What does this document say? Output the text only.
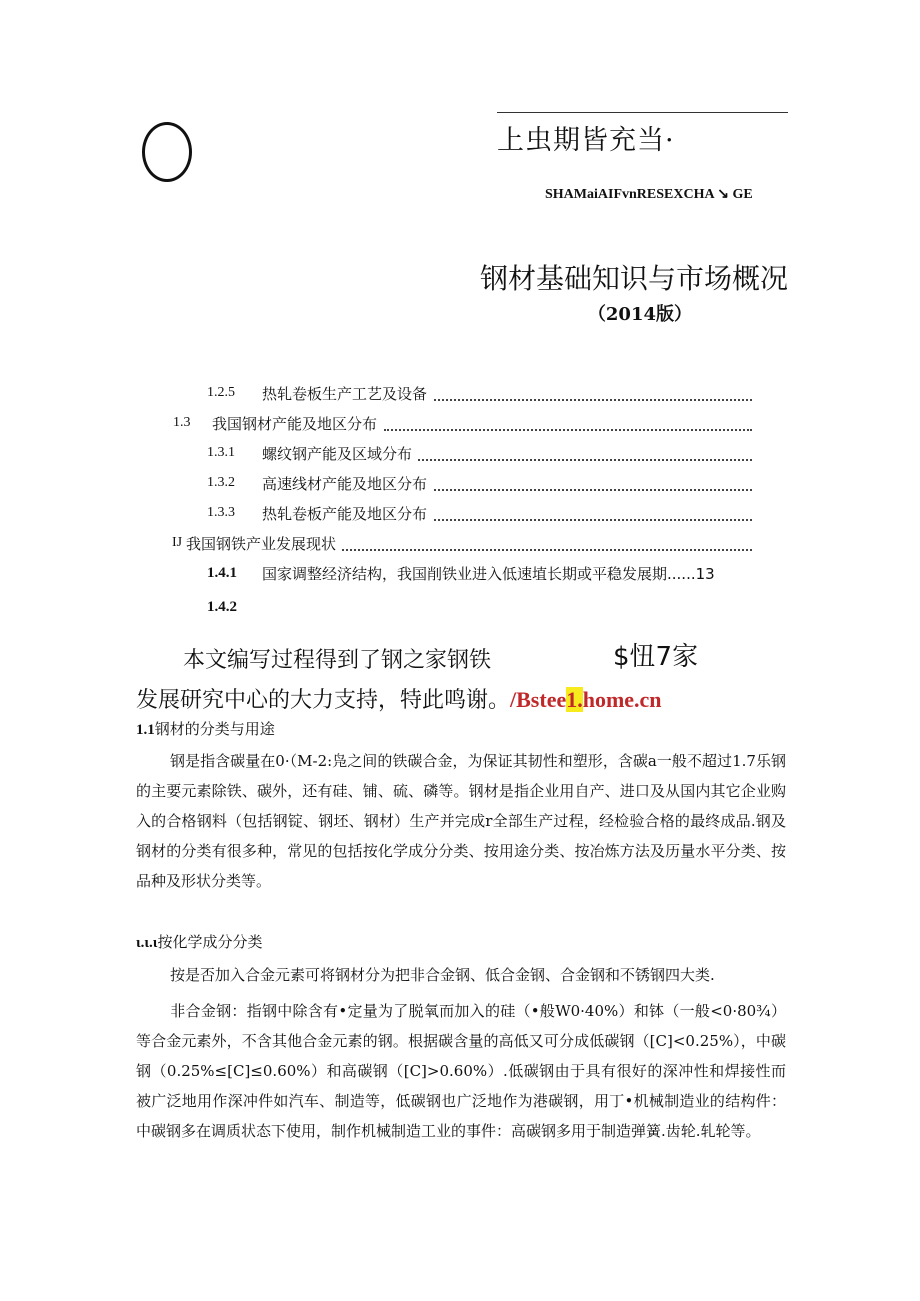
上虫期皆充当·
SHAMaiAIFvnRESEXCHA ↘ GE
钢材基础知识与市场概况
（2014版）
1.2.5 热轧卷板生产工艺及设备
1.3 我国钢材产能及地区分布
1.3.1 螺纹钢产能及区域分布
1.3.2 高速线材产能及地区分布
1.3.3 热轧卷板产能及地区分布
IJ 我国钢铁产业发展现状
1.4.1 国家调整经济结构，我国削铁业进入低速埴长期或平稳发展期......13
1.4.2
本文编写过程得到了钢之家钢铁	$忸7家
发展研究中心的大力支持，特此鸣谢。/Bstee1.home.cn
1.1钢材的分类与用途
钢是指含碳量在0·（M-2:凫之间的铁碳合金，为保证其韧性和塑形，含碳a一般不超过1.7乐钢的主要元素除铁、碳外，还有硅、铺、硫、磷等。钢材是指企业用自产、进口及从国内其它企业购入的合格钢料（包括钢锭、钢坯、钢材）生产并完成r全部生产过程，经检验合格的最终成品.钢及钢材的分类有很多种，常见的包括按化学成分分类、按用途分类、按冶炼方法及历量水平分类、按品种及形状分类等。
ι.ι.ι按化学成分分类
按是否加入合金元素可将钢材分为把非合金钢、低合金钢、合金钢和不锈钢四大类.
非合金钢：指钢中除含有•定量为了脱氧而加入的硅（•般W0·40%）和钵（一般<0·80¾）等合金元素外，不含其他合金元素的钢。根据碳含量的高低又可分成低碳钢（[C]<0.25%），中碳钢（0.25%≤[C]≤0.60%）和高碳钢（[C]>0.60%）.低碳钢由于具有很好的深冲性和焊接性而被广泛地用作深冲件如汽车、制造等，低碳钢也广泛地作为港碳钢，用丁•机械制造业的结构件：中碳钢多在调质状态下使用，制作机械制造工业的事件：高碳钢多用于制造弹簧.齿轮.轧轮等。
